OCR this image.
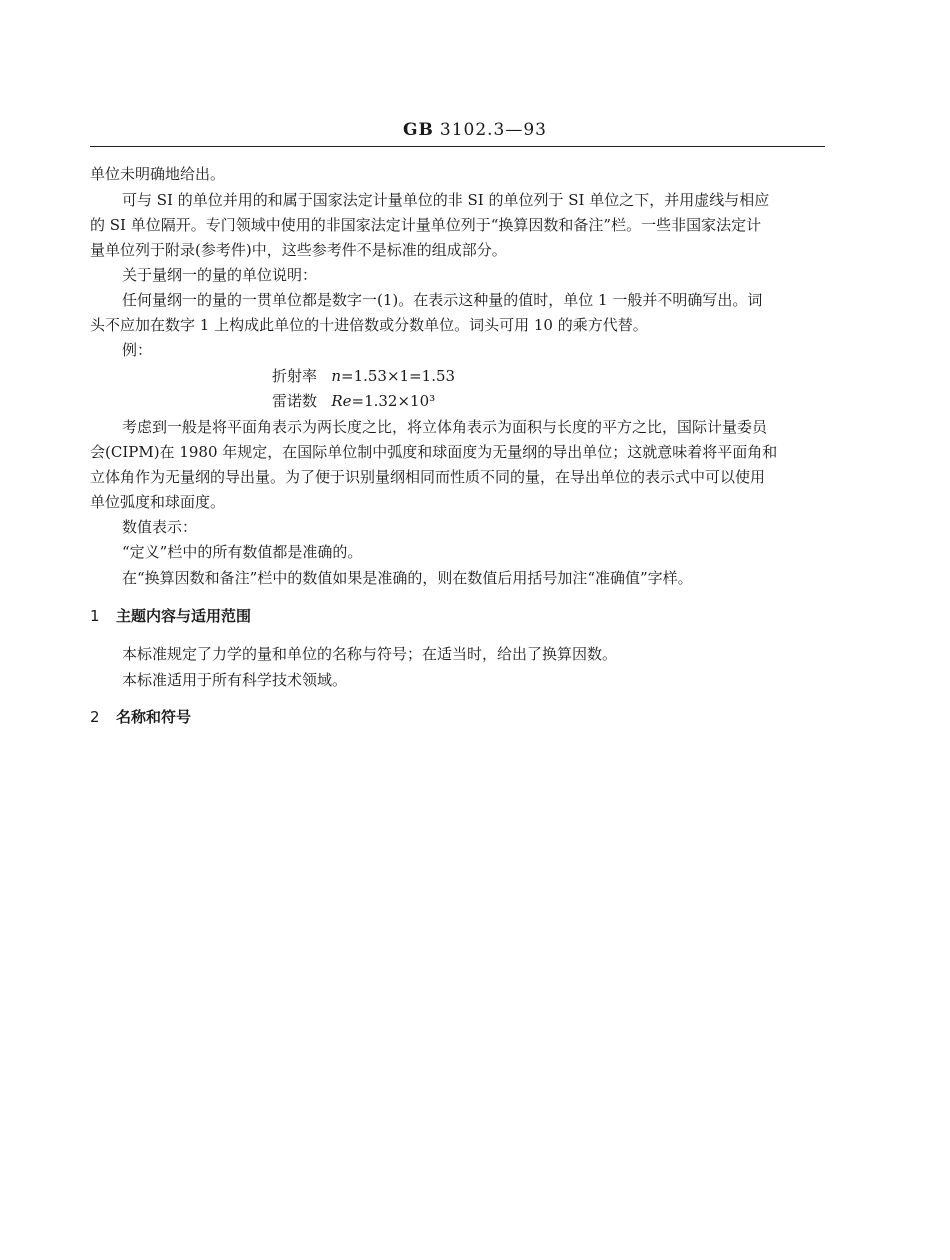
GB 3102.3—93
单位未明确地给出。
可与 SI 的单位并用的和属于国家法定计量单位的非 SI 的单位列于 SI 单位之下，并用虚线与相应
的 SI 单位隔开。专门领域中使用的非国家法定计量单位列于“换算因数和备注”栏。一些非国家法定计
量单位列于附录(参考件)中，这些参考件不是标准的组成部分。
关于量纲一的量的单位说明：
任何量纲一的量的一贯单位都是数字一(1)。在表示这种量的值时，单位 1 一般并不明确写出。词
头不应加在数字 1 上构成此单位的十进倍数或分数单位。词头可用 10 的乘方代替。
例：
折射率 n=1.53×1=1.53
雷诺数 Re=1.32×10³
考虑到一般是将平面角表示为两长度之比，将立体角表示为面积与长度的平方之比，国际计量委员
会(CIPM)在 1980 年规定，在国际单位制中弧度和球面度为无量纲的导出单位；这就意味着将平面角和
立体角作为无量纲的导出量。为了便于识别量纲相同而性质不同的量，在导出单位的表示式中可以使用
单位弧度和球面度。
数值表示：
“定义”栏中的所有数值都是准确的。
在“换算因数和备注”栏中的数值如果是准确的，则在数值后用括号加注“准确值”字样。
1 主题内容与适用范围
本标准规定了力学的量和单位的名称与符号；在适当时，给出了换算因数。
本标准适用于所有科学技术领域。
2 名称和符号
